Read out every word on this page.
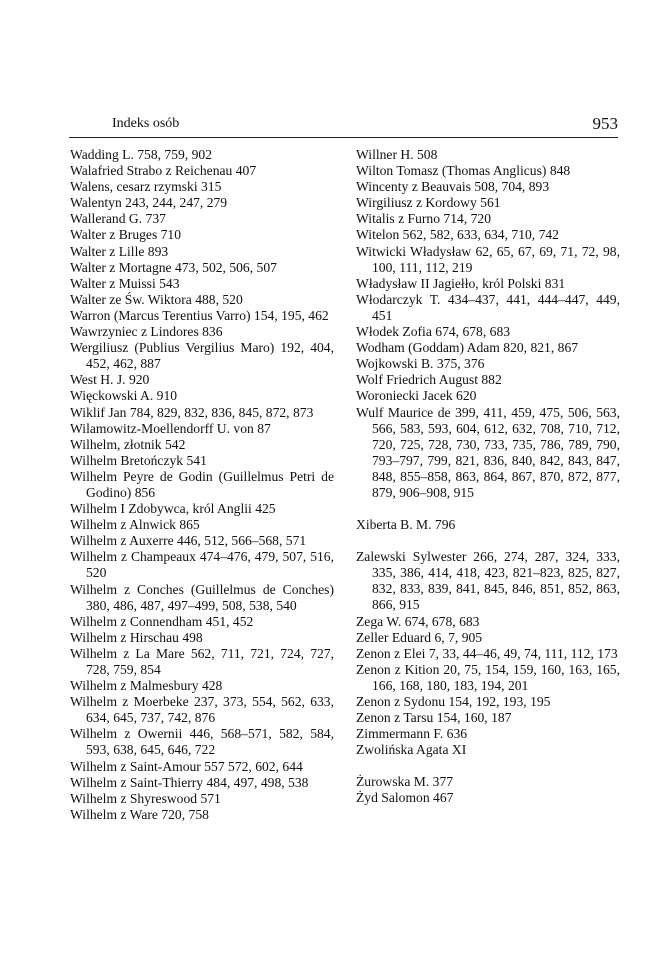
Indeks osób	953
Wadding L. 758, 759, 902
Walafried Strabo z Reichenau 407
Walens, cesarz rzymski 315
Walentyn 243, 244, 247, 279
Wallerand G. 737
Walter z Bruges 710
Walter z Lille 893
Walter z Mortagne 473, 502, 506, 507
Walter z Muissi 543
Walter ze Św. Wiktora 488, 520
Warron (Marcus Terentius Varro) 154, 195, 462
Wawrzyniec z Lindores 836
Wergiliusz (Publius Vergilius Maro) 192, 404, 452, 462, 887
West H. J. 920
Więckowski A. 910
Wiklif Jan 784, 829, 832, 836, 845, 872, 873
Wilamowitz-Moellendorff U. von 87
Wilhelm, złotnik 542
Wilhelm Bretończyk 541
Wilhelm Peyre de Godin (Guillelmus Petri de Godino) 856
Wilhelm I Zdobywca, król Anglii 425
Wilhelm z Alnwick 865
Wilhelm z Auxerre 446, 512, 566–568, 571
Wilhelm z Champeaux 474–476, 479, 507, 516, 520
Wilhelm z Conches (Guillelmus de Conches) 380, 486, 487, 497–499, 508, 538, 540
Wilhelm z Connendham 451, 452
Wilhelm z Hirschau 498
Wilhelm z La Mare 562, 711, 721, 724, 727, 728, 759, 854
Wilhelm z Malmesbury 428
Wilhelm z Moerbeke 237, 373, 554, 562, 633, 634, 645, 737, 742, 876
Wilhelm z Owernii 446, 568–571, 582, 584, 593, 638, 645, 646, 722
Wilhelm z Saint-Amour 557 572, 602, 644
Wilhelm z Saint-Thierry 484, 497, 498, 538
Wilhelm z Shyreswood 571
Wilhelm z Ware 720, 758
Willner H. 508
Wilton Tomasz (Thomas Anglicus) 848
Wincenty z Beauvais 508, 704, 893
Wirgiliusz z Kordowy 561
Witalis z Furno 714, 720
Witelon 562, 582, 633, 634, 710, 742
Witwicki Władysław 62, 65, 67, 69, 71, 72, 98, 100, 111, 112, 219
Władysław II Jagiełło, król Polski 831
Włodarczyk T. 434–437, 441, 444–447, 449, 451
Włodek Zofia 674, 678, 683
Wodham (Goddam) Adam 820, 821, 867
Wojkowski B. 375, 376
Wolf Friedrich August 882
Woroniecki Jacek 620
Wulf Maurice de 399, 411, 459, 475, 506, 563, 566, 583, 593, 604, 612, 632, 708, 710, 712, 720, 725, 728, 730, 733, 735, 786, 789, 790, 793–797, 799, 821, 836, 840, 842, 843, 847, 848, 855–858, 863, 864, 867, 870, 872, 877, 879, 906–908, 915
Xiberta B. M. 796
Zalewski Sylwester 266, 274, 287, 324, 333, 335, 386, 414, 418, 423, 821–823, 825, 827, 832, 833, 839, 841, 845, 846, 851, 852, 863, 866, 915
Zega W. 674, 678, 683
Zeller Eduard 6, 7, 905
Zenon z Elei 7, 33, 44–46, 49, 74, 111, 112, 173
Zenon z Kition 20, 75, 154, 159, 160, 163, 165, 166, 168, 180, 183, 194, 201
Zenon z Sydonu 154, 192, 193, 195
Zenon z Tarsu 154, 160, 187
Zimmermann F. 636
Zwolińska Agata XI
Żurowska M. 377
Żyd Salomon 467
